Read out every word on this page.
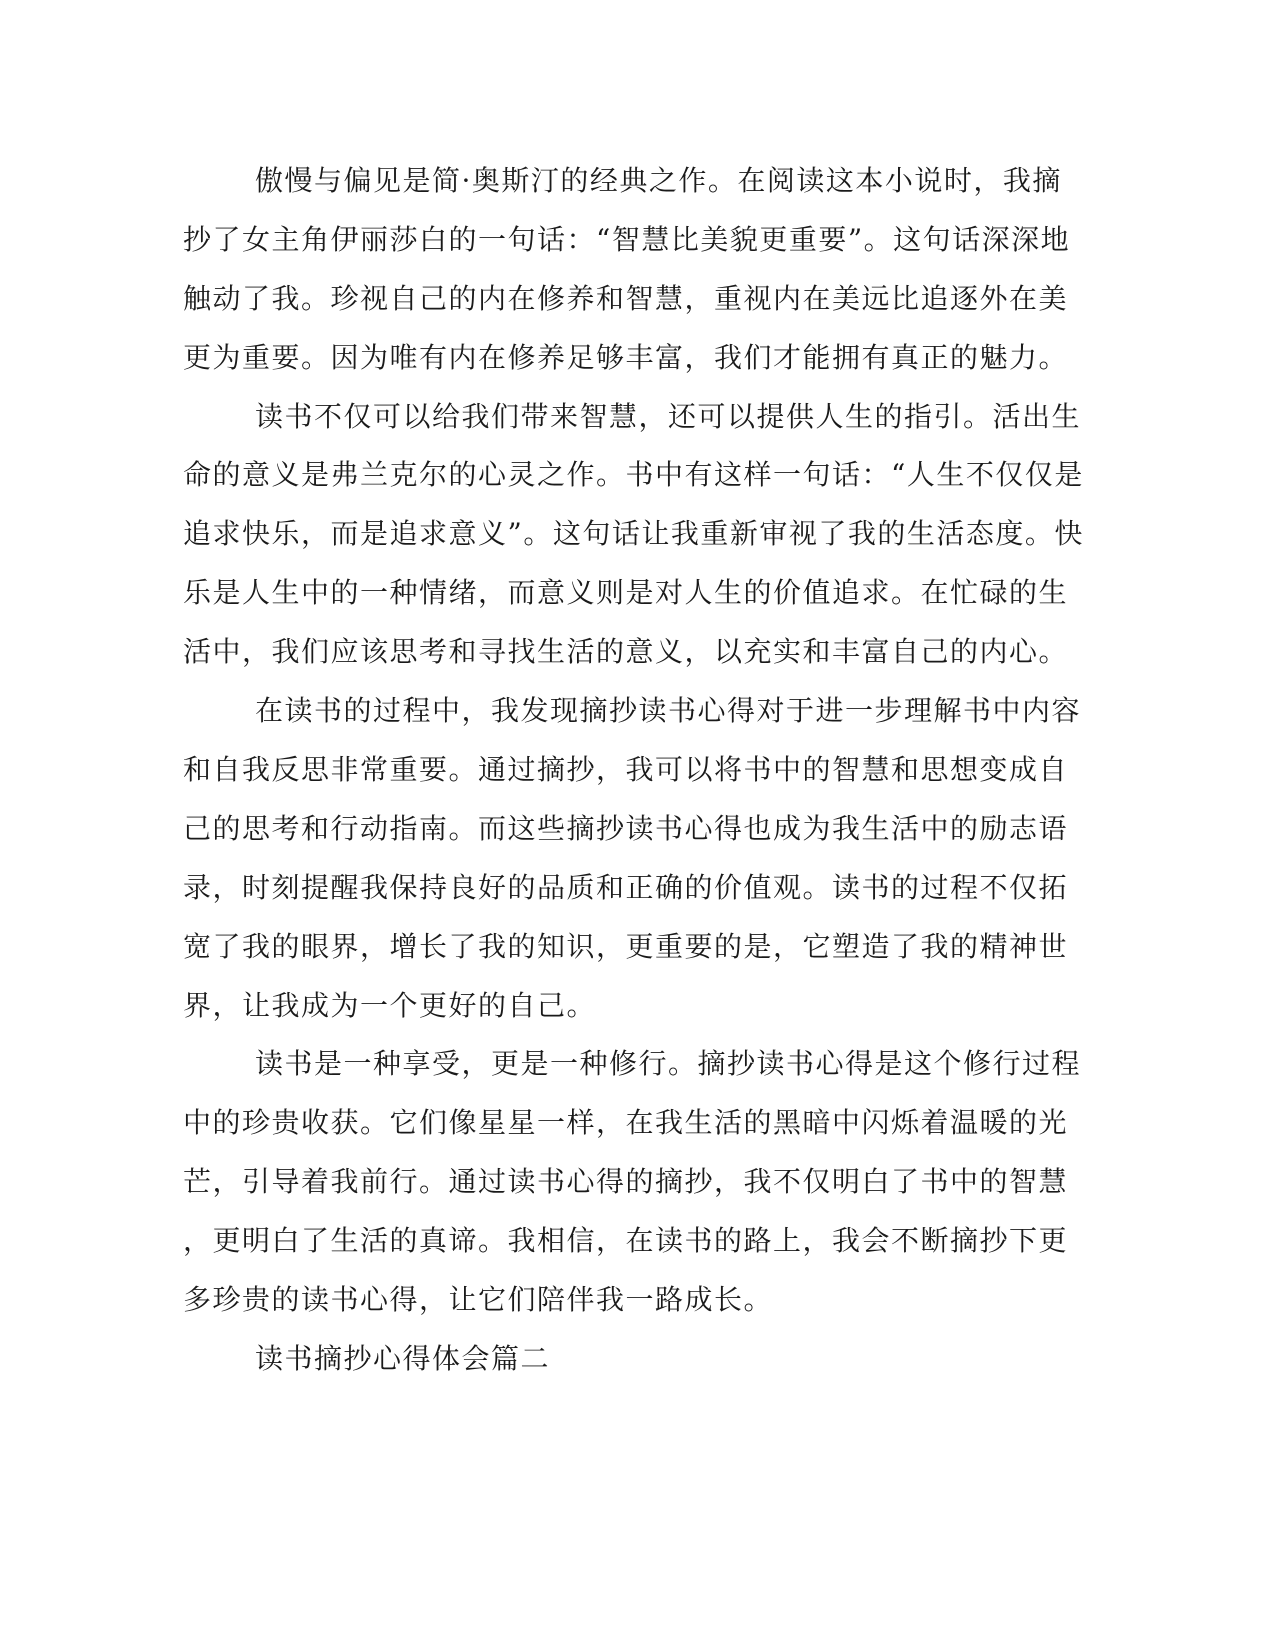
傲慢与偏见是简·奥斯汀的经典之作。在阅读这本小说时，我摘
抄了女主角伊丽莎白的一句话：“智慧比美貌更重要”。这句话深深地
触动了我。珍视自己的内在修养和智慧，重视内在美远比追逐外在美
更为重要。因为唯有内在修养足够丰富，我们才能拥有真正的魅力。
读书不仅可以给我们带来智慧，还可以提供人生的指引。活出生
命的意义是弗兰克尔的心灵之作。书中有这样一句话：“人生不仅仅是
追求快乐，而是追求意义”。这句话让我重新审视了我的生活态度。快
乐是人生中的一种情绪，而意义则是对人生的价值追求。在忙碌的生
活中，我们应该思考和寻找生活的意义，以充实和丰富自己的内心。
在读书的过程中，我发现摘抄读书心得对于进一步理解书中内容
和自我反思非常重要。通过摘抄，我可以将书中的智慧和思想变成自
己的思考和行动指南。而这些摘抄读书心得也成为我生活中的励志语
录，时刻提醒我保持良好的品质和正确的价值观。读书的过程不仅拓
宽了我的眼界，增长了我的知识，更重要的是，它塑造了我的精神世
界，让我成为一个更好的自己。
读书是一种享受，更是一种修行。摘抄读书心得是这个修行过程
中的珍贵收获。它们像星星一样，在我生活的黑暗中闪烁着温暖的光
芒，引导着我前行。通过读书心得的摘抄，我不仅明白了书中的智慧
，更明白了生活的真谛。我相信，在读书的路上，我会不断摘抄下更
多珍贵的读书心得，让它们陪伴我一路成长。
读书摘抄心得体会篇二
